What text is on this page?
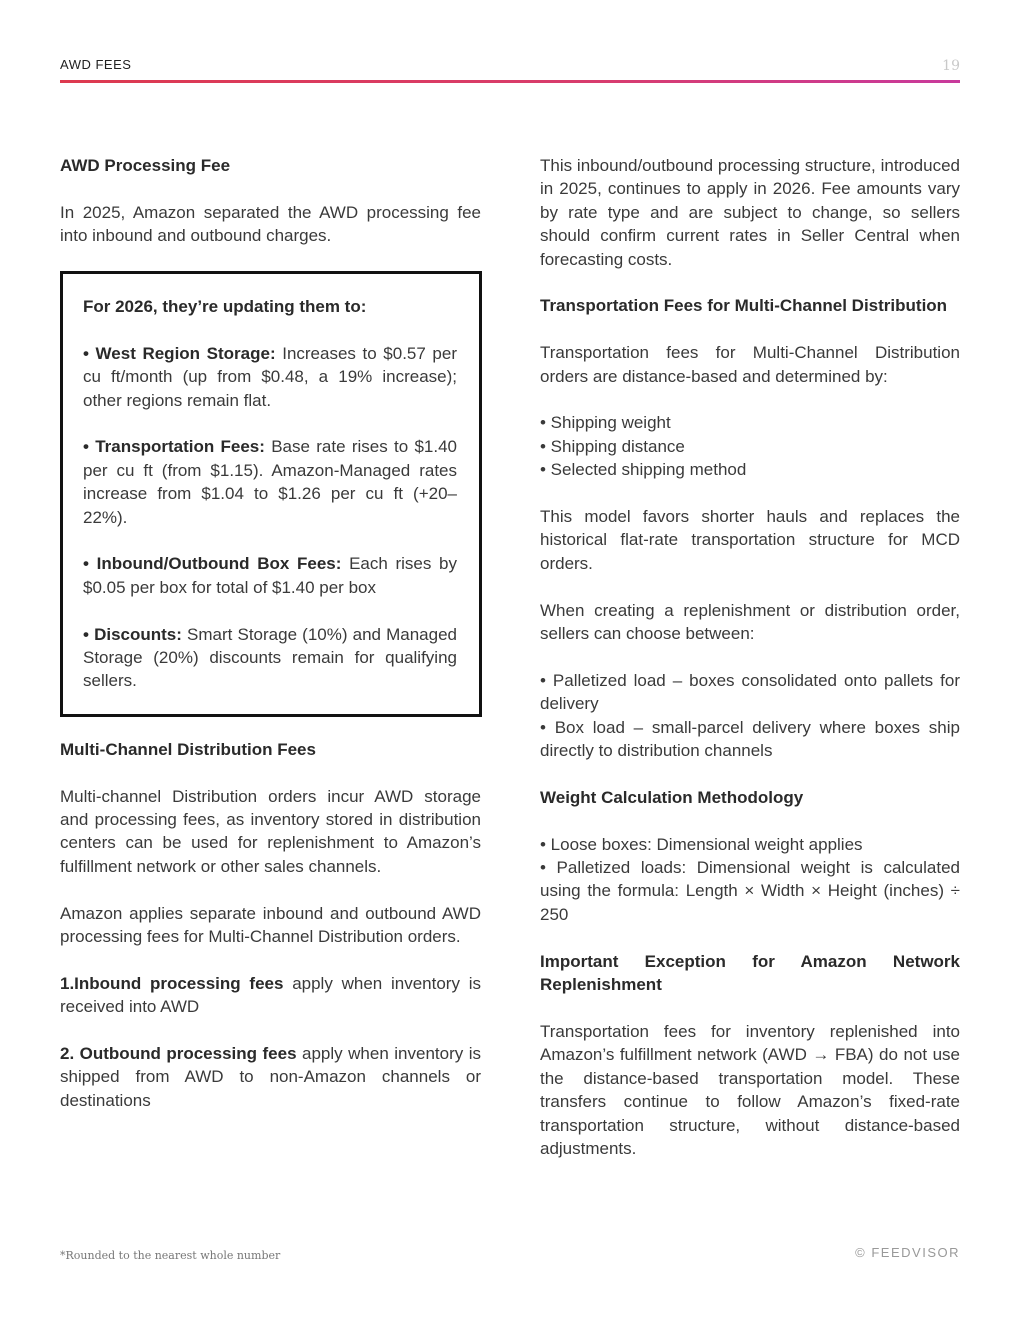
AWD FEES	19

AWD Processing Fee

In 2025, Amazon separated the AWD processing fee into inbound and outbound charges.

For 2026, they’re updating them to:

• West Region Storage: Increases to $0.57 per cu ft/month (up from $0.48, a 19% increase); other regions remain flat.

• Transportation Fees: Base rate rises to $1.40 per cu ft (from $1.15). Amazon-Managed rates increase from $1.04 to $1.26 per cu ft (+20–22%).

• Inbound/Outbound Box Fees: Each rises by $0.05 per box for total of $1.40 per box

• Discounts: Smart Storage (10%) and Managed Storage (20%) discounts remain for qualifying sellers.

Multi-Channel Distribution Fees

Multi-channel Distribution orders incur AWD storage and processing fees, as inventory stored in distribution centers can be used for replenishment to Amazon’s fulfillment network or other sales channels.

Amazon applies separate inbound and outbound AWD processing fees for Multi-Channel Distribution orders.

1.Inbound processing fees apply when inventory is received into AWD

2. Outbound processing fees apply when inventory is shipped from AWD to non-Amazon channels or destinations

This inbound/outbound processing structure, introduced in 2025, continues to apply in 2026. Fee amounts vary by rate type and are subject to change, so sellers should confirm current rates in Seller Central when forecasting costs.

Transportation Fees for Multi-Channel Distribution

Transportation fees for Multi-Channel Distribution orders are distance-based and determined by:

• Shipping weight
• Shipping distance
• Selected shipping method

This model favors shorter hauls and replaces the historical flat-rate transportation structure for MCD orders.

When creating a replenishment or distribution order, sellers can choose between:

• Palletized load – boxes consolidated onto pallets for delivery
• Box load – small-parcel delivery where boxes ship directly to distribution channels

Weight Calculation Methodology

• Loose boxes: Dimensional weight applies
• Palletized loads: Dimensional weight is calculated using the formula: Length × Width × Height (inches) ÷ 250

Important Exception for Amazon Network Replenishment

Transportation fees for inventory replenished into Amazon’s fulfillment network (AWD → FBA) do not use the distance-based transportation model. These transfers continue to follow Amazon’s fixed-rate transportation structure, without distance-based adjustments.

*Rounded to the nearest whole number	© FEEDVISOR
